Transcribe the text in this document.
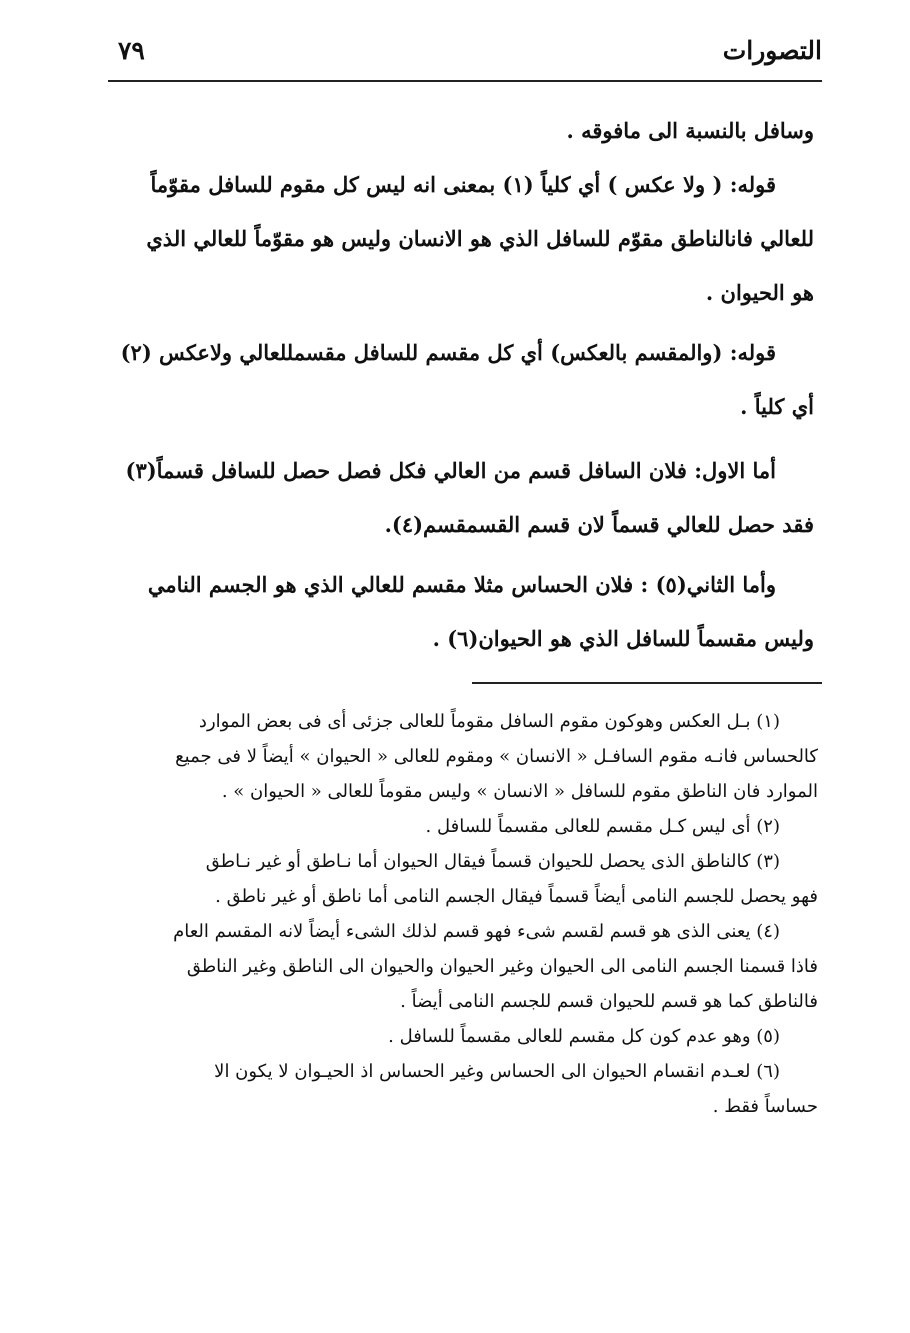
التصورات
٧٩
وسافل بالنسبة الى مافوقه .
قوله: ( ولا عكس ) أي كلياً (١) بمعنى انه ليس كل مقوم للسافل مقوّماً
للعالي فانالناطق مقوّم للسافل الذي هو الانسان وليس هو مقوّماً للعالي الذي
هو الحيوان .
قوله: (والمقسم بالعكس) أي كل مقسم للسافل مقسمللعالي ولاعكس (٢)
أي كلياً .
أما الاول: فلان السافل قسم من العالي فكل فصل حصل للسافل قسماً(٣)
فقد حصل للعالي قسماً لان قسم القسمقسم(٤).
وأما الثاني(٥) : فلان الحساس مثلا مقسم للعالي الذي هو الجسم النامي
وليس مقسماً للسافل الذي هو الحيوان(٦) .
(١) بـل العكس وهوكون مقوم السافل مقوماً للعالى جزئى أى فى بعض الموارد
كالحساس فانـه مقوم السافـل « الانسان » ومقوم للعالى « الحيوان » أيضاً لا فى جميع
الموارد فان الناطق مقوم للسافل « الانسان » وليس مقوماً للعالى « الحيوان » .
(٢) أى ليس كـل مقسم للعالى مقسماً للسافل .
(٣) كالناطق الذى يحصل للحيوان قسماً فيقال الحيوان أما نـاطق أو غير نـاطق
فهو يحصل للجسم النامى أيضاً قسماً فيقال الجسم النامى أما ناطق أو غير ناطق .
(٤) يعنى الذى هو قسم لقسم شىء فهو قسم لذلك الشىء أيضاً لانه المقسم العام
فاذا قسمنا الجسم النامى الى الحيوان وغير الحيوان والحيوان الى الناطق وغير الناطق
فالناطق كما هو قسم للحيوان قسم للجسم النامى أيضاً .
(٥) وهو عدم كون كل مقسم للعالى مقسماً للسافل .
(٦) لعـدم انقسام الحيوان الى الحساس وغير الحساس اذ الحيـوان لا يكون الا
حساساً فقط .
